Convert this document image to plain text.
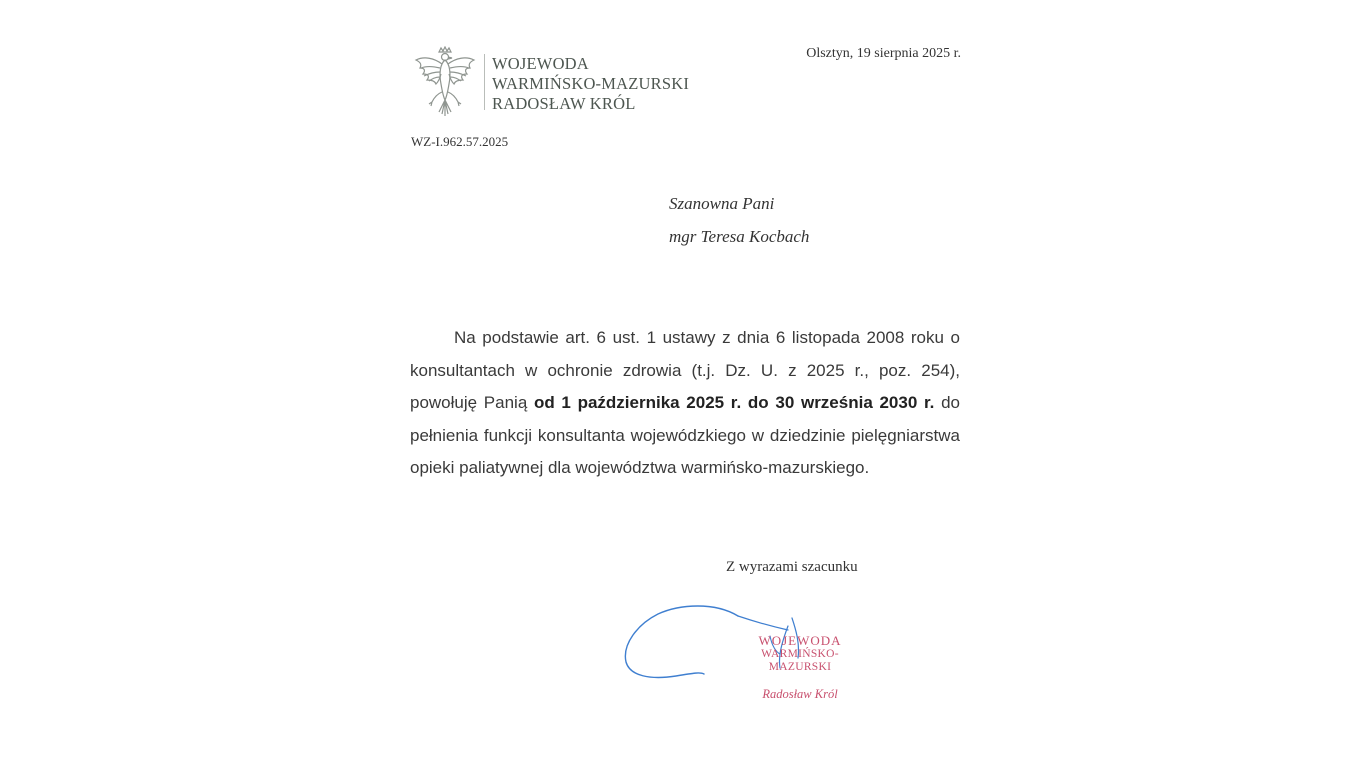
WOJEWODA
WARMIŃSKO-MAZURSKI
RADOSŁAW KRÓL
Olsztyn, 19 sierpnia 2025 r.
WZ-I.962.57.2025
Szanowna Pani
mgr Teresa Kocbach

Na podstawie art. 6 ust. 1 ustawy z dnia 6 listopada 2008 roku o konsultantach w ochronie zdrowia (t.j. Dz. U. z 2025 r., poz. 254), powołuję Panią od 1 października 2025 r. do 30 września 2030 r. do pełnienia funkcji konsultanta wojewódzkiego w dziedzinie pielęgniarstwa opieki paliatywnej dla województwa warmińsko-mazurskiego.

Z wyrazami szacunku
WOJEWODA
WARMIŃSKO-MAZURSKI
Radosław Król
